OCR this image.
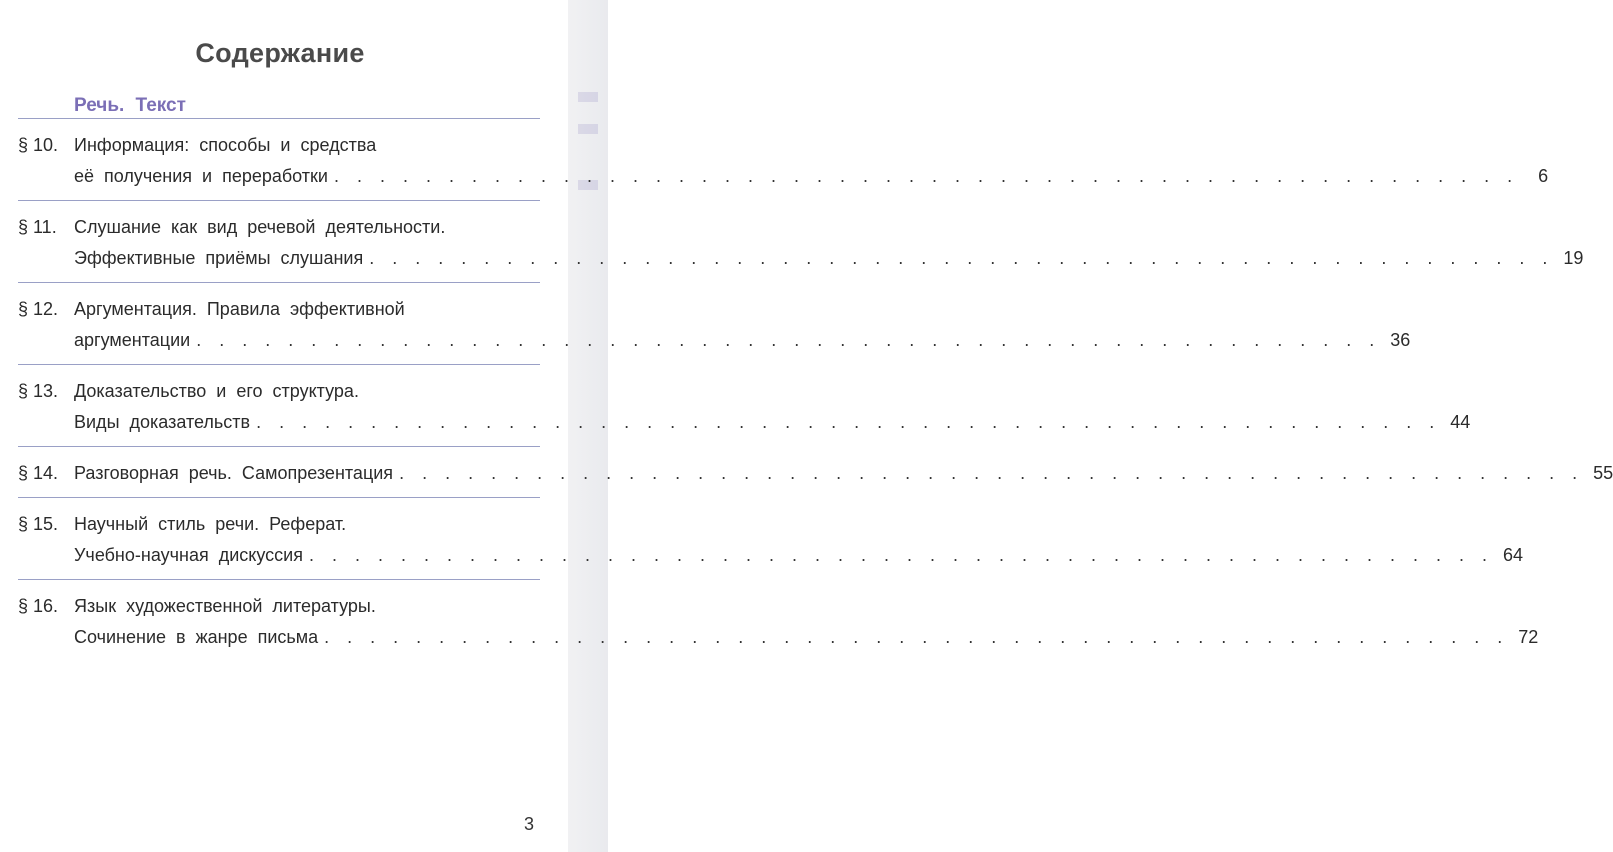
Содержание
Речь. Текст
§ 10. Информация: способы и средства
её получения и переработки . . . . . . . . . . . . . . . . . . . . . . . . . . . . . . . . . . . . . . . . . . . . . . . . . . . .	6
§ 11. Слушание как вид речевой деятельности.
Эффективные приёмы слушания . . . . . . . . . . . . . . . . . . . . . . . . . . . . . . . . . . . . . . . . . . . . . . . . . . . . 19
§ 12. Аргументация. Правила эффективной
аргументации . . . . . . . . . . . . . . . . . . . . . . . . . . . . . . . . . . . . . . . . . . . . . . . . . . . . 36
§ 13. Доказательство и его структура.
Виды доказательств . . . . . . . . . . . . . . . . . . . . . . . . . . . . . . . . . . . . . . . . . . . . . . . . . . . . 44
§ 14. Разговорная речь. Самопрезентация . . . . . . . . . . . . . . . . . . . . . . . . . . . . . . . . . . . . . . . . . . . . . . . . . . . . 55
§ 15. Научный стиль речи. Реферат.
Учебно-научная дискуссия . . . . . . . . . . . . . . . . . . . . . . . . . . . . . . . . . . . . . . . . . . . . . . . . . . . . 64
§ 16. Язык художественной литературы.
Сочинение в жанре письма . . . . . . . . . . . . . . . . . . . . . . . . . . . . . . . . . . . . . . . . . . . . . . . . . . . . 72
3
